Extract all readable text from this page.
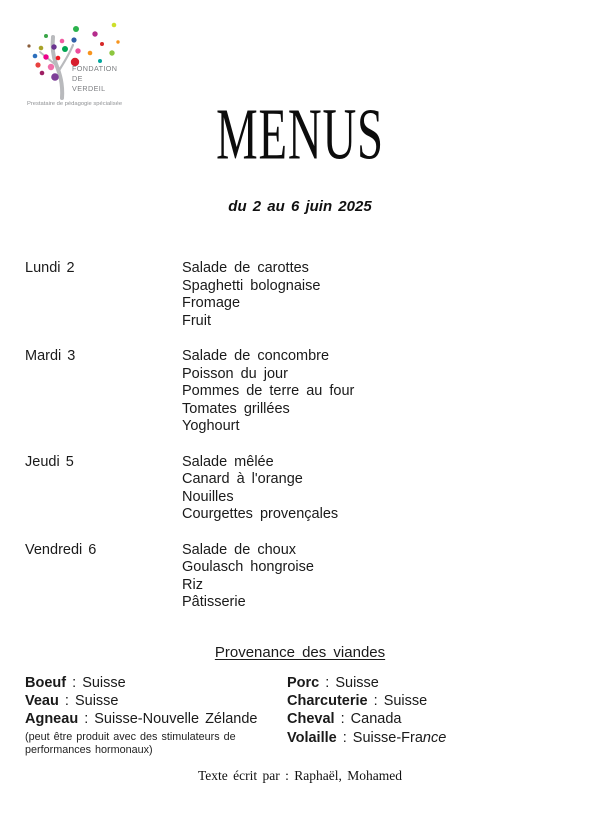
FONDATION
DE
VERDEIL
Prestataire de pédagogie spécialisée	MENUS
du 2 au 6 juin 2025
Lundi 2	Salade de carottes
Spaghetti bolognaise
Fromage
Fruit
Mardi 3	Salade de concombre
Poisson du jour
Pommes de terre au four
Tomates grillées
Yoghourt
Jeudi 5	Salade mêlée
Canard à l'orange
Nouilles
Courgettes provençales
Vendredi 6	Salade de choux
Goulasch hongroise
Riz
Pâtisserie
Provenance des viandes
Boeuf : Suisse
Veau : Suisse
Agneau : Suisse-Nouvelle Zélande
(peut être produit avec des stimulateurs de performances hormonaux)
Porc : Suisse
Charcuterie : Suisse
Cheval : Canada
Volaille : Suisse-France
Texte écrit par : Raphaël, Mohamed
